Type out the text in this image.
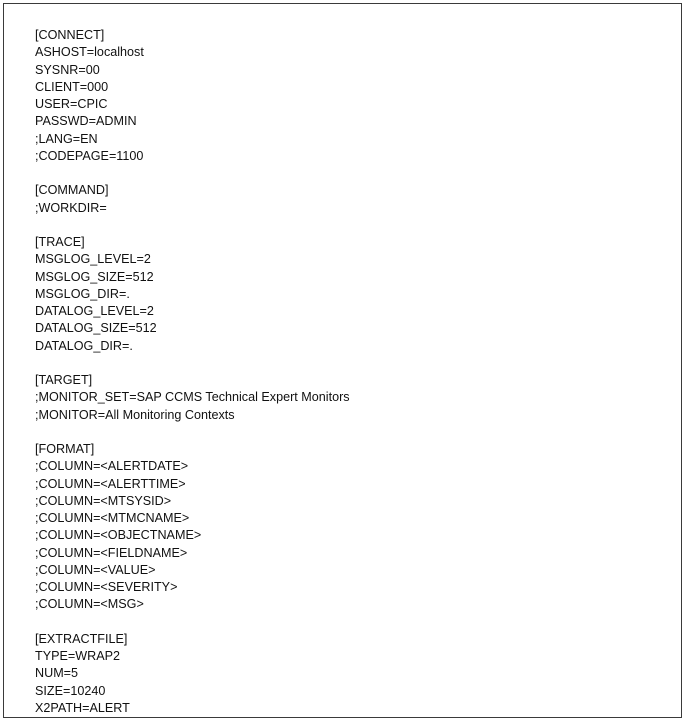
[CONNECT]
ASHOST=localhost
SYSNR=00
CLIENT=000
USER=CPIC
PASSWD=ADMIN
;LANG=EN
;CODEPAGE=1100
[COMMAND]
;WORKDIR=
[TRACE]
MSGLOG_LEVEL=2
MSGLOG_SIZE=512
MSGLOG_DIR=.
DATALOG_LEVEL=2
DATALOG_SIZE=512
DATALOG_DIR=.
[TARGET]
;MONITOR_SET=SAP CCMS Technical Expert Monitors
;MONITOR=All Monitoring Contexts
[FORMAT]
;COLUMN=<ALERTDATE>
;COLUMN=<ALERTTIME>
;COLUMN=<MTSYSID>
;COLUMN=<MTMCNAME>
;COLUMN=<OBJECTNAME>
;COLUMN=<FIELDNAME>
;COLUMN=<VALUE>
;COLUMN=<SEVERITY>
;COLUMN=<MSG>
[EXTRACTFILE]
TYPE=WRAP2
NUM=5
SIZE=10240
X2PATH=ALERT
